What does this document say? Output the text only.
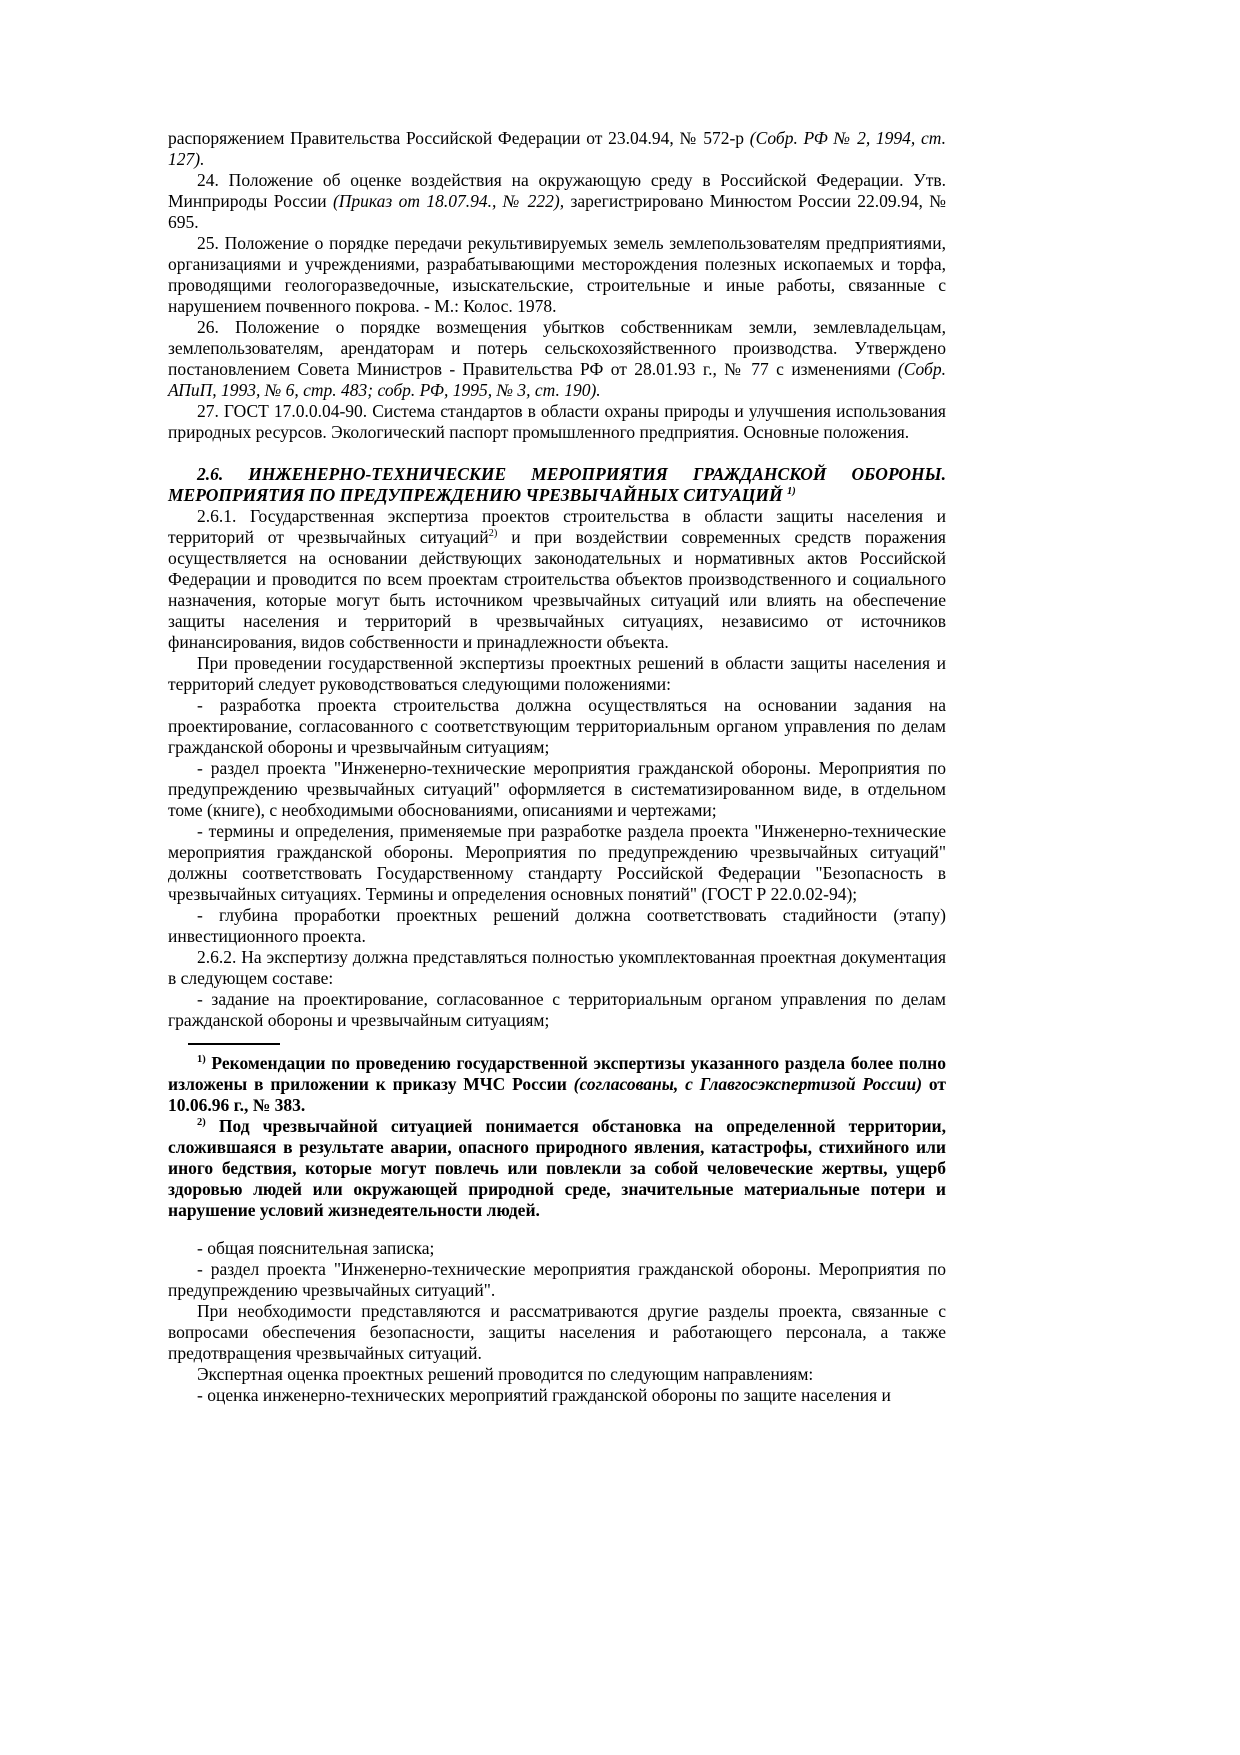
распоряжением Правительства Российской Федерации от 23.04.94, № 572-р (Собр. РФ № 2, 1994, ст. 127).

24. Положение об оценке воздействия на окружающую среду в Российской Федерации. Утв. Минприроды России (Приказ от 18.07.94., № 222), зарегистрировано Минюстом России 22.09.94, № 695.

25. Положение о порядке передачи рекультивируемых земель землепользователям предприятиями, организациями и учреждениями, разрабатывающими месторождения полезных ископаемых и торфа, проводящими геологоразведочные, изыскательские, строительные и иные работы, связанные с нарушением почвенного покрова. - М.: Колос. 1978.

26. Положение о порядке возмещения убытков собственникам земли, землевладельцам, землепользователям, арендаторам и потерь сельскохозяйственного производства. Утверждено постановлением Совета Министров - Правительства РФ от 28.01.93 г., № 77 с изменениями (Собр. АПиП, 1993, № 6, стр. 483; собр. РФ, 1995, № 3, ст. 190).

27. ГОСТ 17.0.0.04-90. Система стандартов в области охраны природы и улучшения использования природных ресурсов. Экологический паспорт промышленного предприятия. Основные положения.

2.6. ИНЖЕНЕРНО-ТЕХНИЧЕСКИЕ МЕРОПРИЯТИЯ ГРАЖДАНСКОЙ ОБОРОНЫ. МЕРОПРИЯТИЯ ПО ПРЕДУПРЕЖДЕНИЮ ЧРЕЗВЫЧАЙНЫХ СИТУАЦИЙ $^{1)}$

2.6.1. Государственная экспертиза проектов строительства в области защиты населения и территорий от чрезвычайных ситуаций$^{2)}$ и при воздействии современных средств поражения осуществляется на основании действующих законодательных и нормативных актов Российской Федерации и проводится по всем проектам строительства объектов производственного и социального назначения, которые могут быть источником чрезвычайных ситуаций или влиять на обеспечение защиты населения и территорий в чрезвычайных ситуациях, независимо от источников финансирования, видов собственности и принадлежности объекта.

При проведении государственной экспертизы проектных решений в области защиты населения и территорий следует руководствоваться следующими положениями:

- разработка проекта строительства должна осуществляться на основании задания на проектирование, согласованного с соответствующим территориальным органом управления по делам гражданской обороны и чрезвычайным ситуациям;

- раздел проекта "Инженерно-технические мероприятия гражданской обороны. Мероприятия по предупреждению чрезвычайных ситуаций" оформляется в систематизированном виде, в отдельном томе (книге), с необходимыми обоснованиями, описаниями и чертежами;

- термины и определения, применяемые при разработке раздела проекта "Инженерно-технические мероприятия гражданской обороны. Мероприятия по предупреждению чрезвычайных ситуаций" должны соответствовать Государственному стандарту Российской Федерации "Безопасность в чрезвычайных ситуациях. Термины и определения основных понятий" (ГОСТ Р 22.0.02-94);

- глубина проработки проектных решений должна соответствовать стадийности (этапу) инвестиционного проекта.

2.6.2. На экспертизу должна представляться полностью укомплектованная проектная документация в следующем составе:

- задание на проектирование, согласованное с территориальным органом управления по делам гражданской обороны и чрезвычайным ситуациям;

$^{1)}$ Рекомендации по проведению государственной экспертизы указанного раздела более полно изложены в приложении к приказу МЧС России (согласованы, с Главгосэкспертизой России) от 10.06.96 г., № 383.

$^{2)}$ Под чрезвычайной ситуацией понимается обстановка на определенной территории, сложившаяся в результате аварии, опасного природного явления, катастрофы, стихийного или иного бедствия, которые могут повлечь или повлекли за собой человеческие жертвы, ущерб здоровью людей или окружающей природной среде, значительные материальные потери и нарушение условий жизнедеятельности людей.

- общая пояснительная записка;

- раздел проекта "Инженерно-технические мероприятия гражданской обороны. Мероприятия по предупреждению чрезвычайных ситуаций".

При необходимости представляются и рассматриваются другие разделы проекта, связанные с вопросами обеспечения безопасности, защиты населения и работающего персонала, а также предотвращения чрезвычайных ситуаций.

Экспертная оценка проектных решений проводится по следующим направлениям:

- оценка инженерно-технических мероприятий гражданской обороны по защите населения и
